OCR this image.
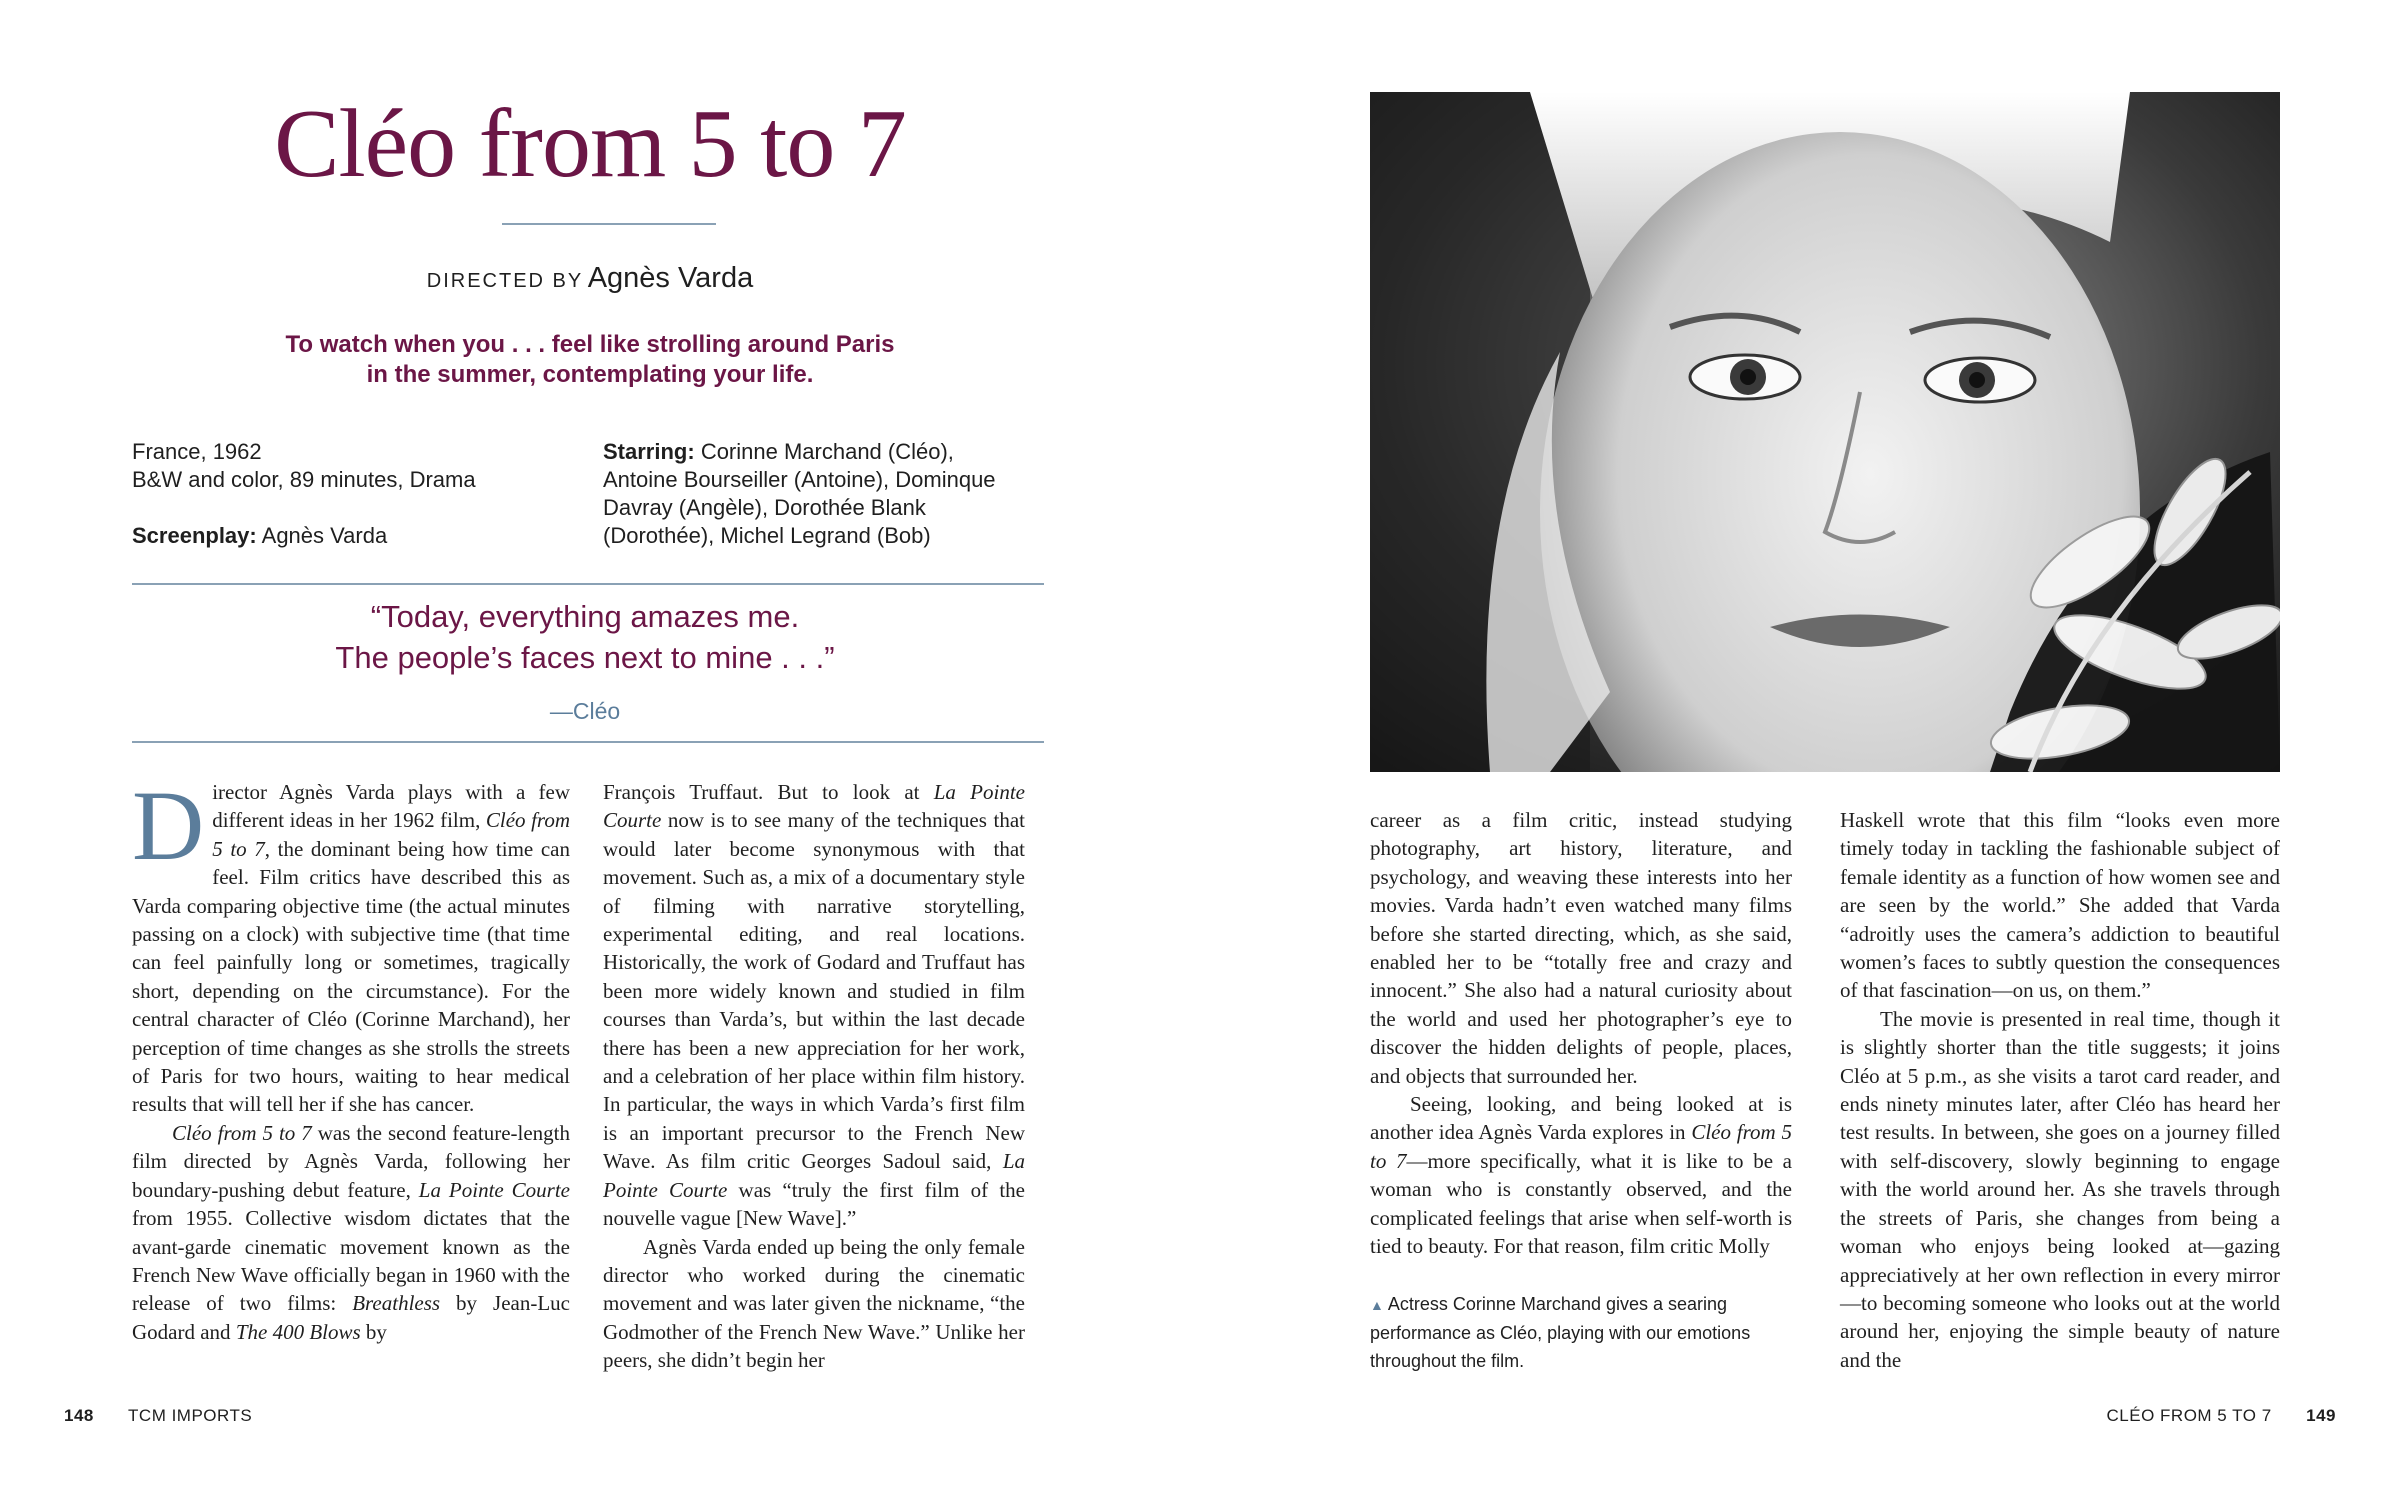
Cléo from 5 to 7
DIRECTED BY Agnès Varda
To watch when you . . . feel like strolling around Paris
in the summer, contemplating your life.
France, 1962
B&W and color, 89 minutes, Drama
Screenplay: Agnès Varda
Starring: Corinne Marchand (Cléo), Antoine Bourseiller (Antoine), Dominque Davray (Angèle), Dorothée Blank (Dorothée), Michel Legrand (Bob)
“Today, everything amazes me.
The people’s faces next to mine . . .”
—Cléo

Director Agnès Varda plays with a few different ideas in her 1962 film, Cléo from 5 to 7, the dominant being how time can feel. Film critics have described this as Varda comparing objective time (the actual minutes passing on a clock) with subjective time (that time can feel painfully long or sometimes, tragically short, depending on the circumstance). For the central character of Cléo (Corinne Marchand), her perception of time changes as she strolls the streets of Paris for two hours, waiting to hear medical results that will tell her if she has cancer.

Cléo from 5 to 7 was the second feature-length film directed by Agnès Varda, following her boundary-pushing debut feature, La Pointe Courte from 1955. Collective wisdom dictates that the avant-garde cinematic movement known as the French New Wave officially began in 1960 with the release of two films: Breathless by Jean-Luc Godard and The 400 Blows by

François Truffaut. But to look at La Pointe Courte now is to see many of the techniques that would later become synonymous with that movement. Such as, a mix of a documentary style of filming with narrative storytelling, experimental editing, and real locations. Historically, the work of Godard and Truffaut has been more widely known and studied in film courses than Varda’s, but within the last decade there has been a new appreciation for her work, and a celebration of her place within film history. In particular, the ways in which Varda’s first film is an important precursor to the French New Wave. As film critic Georges Sadoul said, La Pointe Courte was “truly the first film of the nouvelle vague [New Wave].”

Agnès Varda ended up being the only female director who worked during the cinematic movement and was later given the nickname, “the Godmother of the French New Wave.” Unlike her peers, she didn’t begin her

148 TCM IMPORTS

career as a film critic, instead studying photography, art history, literature, and psychology, and weaving these interests into her movies. Varda hadn’t even watched many films before she started directing, which, as she said, enabled her to be “totally free and crazy and innocent.” She also had a natural curiosity about the world and used her photographer’s eye to discover the hidden delights of people, places, and objects that surrounded her.

Seeing, looking, and being looked at is another idea Agnès Varda explores in Cléo from 5 to 7—more specifically, what it is like to be a woman who is constantly observed, and the complicated feelings that arise when self-worth is tied to beauty. For that reason, film critic Molly

▲ Actress Corinne Marchand gives a searing performance as Cléo, playing with our emotions throughout the film.

Haskell wrote that this film “looks even more timely today in tackling the fashionable subject of female identity as a function of how women see and are seen by the world.” She added that Varda “adroitly uses the camera’s addiction to beautiful women’s faces to subtly question the consequences of that fascination—on us, on them.”

The movie is presented in real time, though it is slightly shorter than the title suggests; it joins Cléo at 5 p.m., as she visits a tarot card reader, and ends ninety minutes later, after Cléo has heard her test results. In between, she goes on a journey filled with self-discovery, slowly beginning to engage with the world around her. As she travels through the streets of Paris, she changes from being a woman who enjoys being looked at—gazing appreciatively at her own reflection in every mirror—to becoming someone who looks out at the world around her, enjoying the simple beauty of nature and the

CLÉO FROM 5 TO 7 149
